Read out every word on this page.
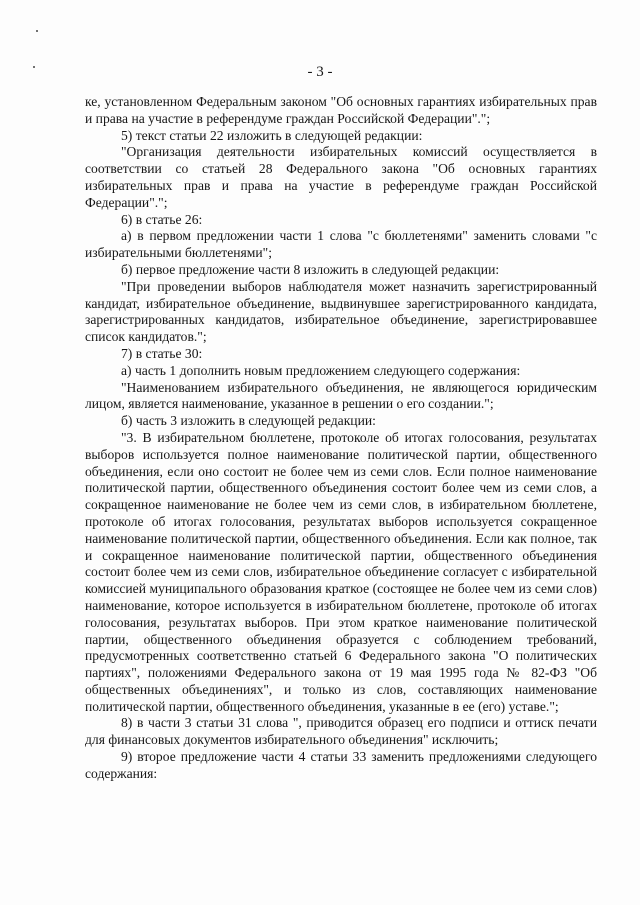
- 3 -

ке, установленном Федеральным законом "Об основных гарантиях избирательных прав и права на участие в референдуме граждан Российской Федерации".";

5) текст статьи 22 изложить в следующей редакции:

"Организация деятельности избирательных комиссий осуществляется в соответствии со статьей 28 Федерального закона "Об основных гарантиях избирательных прав и права на участие в референдуме граждан Российской Федерации".";

6) в статье 26:

а) в первом предложении части 1 слова "с бюллетенями" заменить словами "с избирательными бюллетенями";

б) первое предложение части 8 изложить в следующей редакции:

"При проведении выборов наблюдателя может назначить зарегистрированный кандидат, избирательное объединение, выдвинувшее зарегистрированного кандидата, зарегистрированных кандидатов, избирательное объединение, зарегистрировавшее список кандидатов.";

7) в статье 30:

а) часть 1 дополнить новым предложением следующего содержания:

"Наименованием избирательного объединения, не являющегося юридическим лицом, является наименование, указанное в решении о его создании.";

б) часть 3 изложить в следующей редакции:

"3. В избирательном бюллетене, протоколе об итогах голосования, результатах выборов используется полное наименование политической партии, общественного объединения, если оно состоит не более чем из семи слов. Если полное наименование политической партии, общественного объединения состоит более чем из семи слов, а сокращенное наименование не более чем из семи слов, в избирательном бюллетене, протоколе об итогах голосования, результатах выборов используется сокращенное наименование политической партии, общественного объединения. Если как полное, так и сокращенное наименование политической партии, общественного объединения состоит более чем из семи слов, избирательное объединение согласует с избирательной комиссией муниципального образования краткое (состоящее не более чем из семи слов) наименование, которое используется в избирательном бюллетене, протоколе об итогах голосования, результатах выборов. При этом краткое наименование политической партии, общественного объединения образуется с соблюдением требований, предусмотренных соответственно статьей 6 Федерального закона "О политических партиях", положениями Федерального закона от 19 мая 1995 года № 82-ФЗ "Об общественных объединениях", и только из слов, составляющих наименование политической партии, общественного объединения, указанные в ее (его) уставе.";

8) в части 3 статьи 31 слова ", приводится образец его подписи и оттиск печати для финансовых документов избирательного объединения" исключить;

9) второе предложение части 4 статьи 33 заменить предложениями следующего содержания:
